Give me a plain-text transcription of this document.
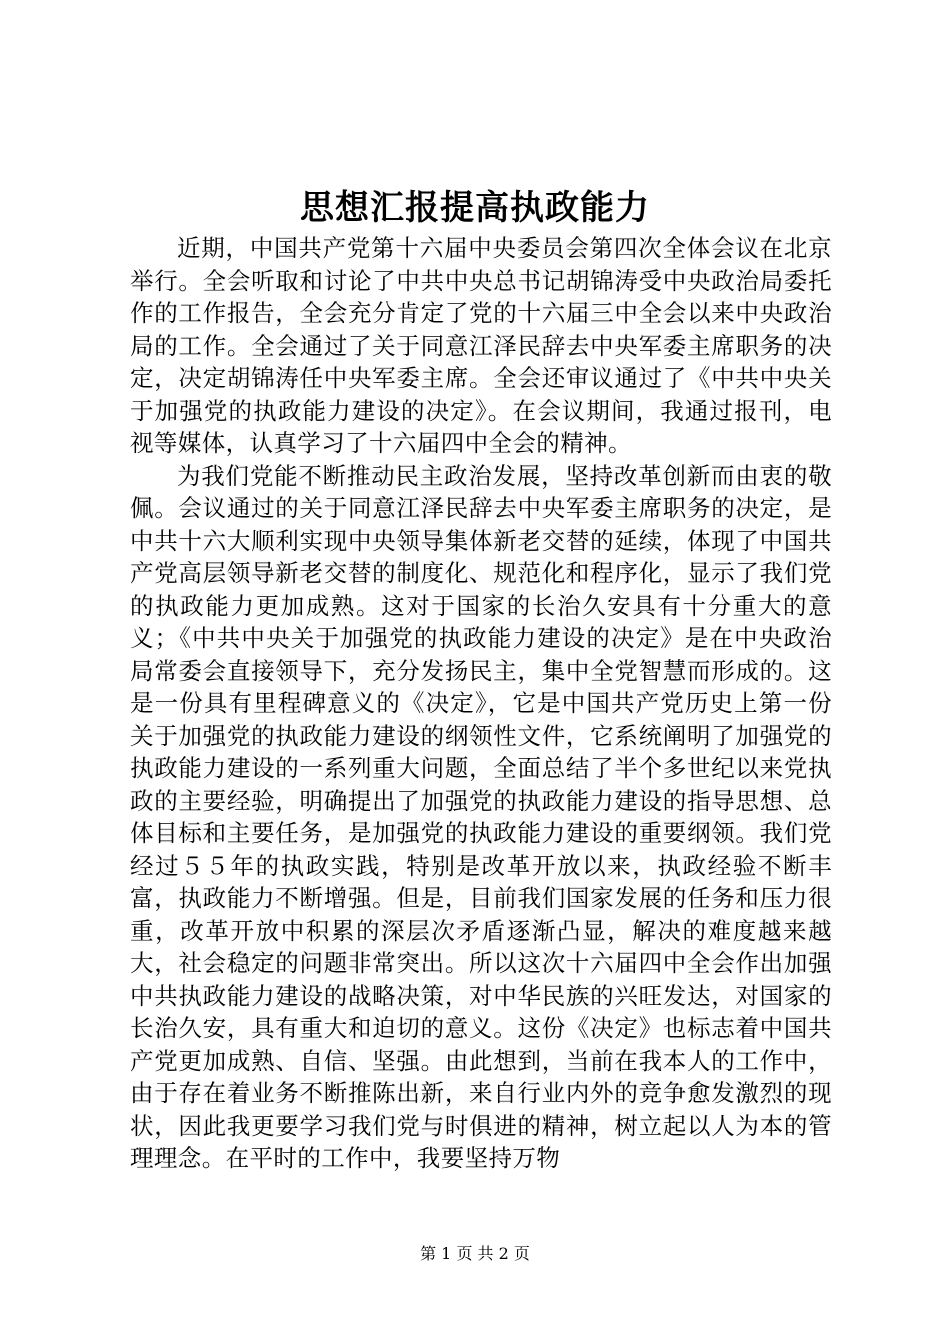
思想汇报提高执政能力

近期，中国共产党第十六届中央委员会第四次全体会议在北京举行。全会听取和讨论了中共中央总书记胡锦涛受中央政治局委托作的工作报告，全会充分肯定了党的十六届三中全会以来中央政治局的工作。全会通过了关于同意江泽民辞去中央军委主席职务的决定，决定胡锦涛任中央军委主席。全会还审议通过了《中共中央关于加强党的执政能力建设的决定》。在会议期间，我通过报刊，电视等媒体，认真学习了十六届四中全会的精神。

为我们党能不断推动民主政治发展，坚持改革创新而由衷的敬佩。会议通过的关于同意江泽民辞去中央军委主席职务的决定，是中共十六大顺利实现中央领导集体新老交替的延续，体现了中国共产党高层领导新老交替的制度化、规范化和程序化，显示了我们党的执政能力更加成熟。这对于国家的长治久安具有十分重大的意义；《中共中央关于加强党的执政能力建设的决定》是在中央政治局常委会直接领导下，充分发扬民主，集中全党智慧而形成的。这是一份具有里程碑意义的《决定》，它是中国共产党历史上第一份关于加强党的执政能力建设的纲领性文件，它系统阐明了加强党的执政能力建设的一系列重大问题，全面总结了半个多世纪以来党执政的主要经验，明确提出了加强党的执政能力建设的指导思想、总体目标和主要任务，是加强党的执政能力建设的重要纲领。我们党经过５５年的执政实践，特别是改革开放以来，执政经验不断丰富，执政能力不断增强。但是，目前我们国家发展的任务和压力很重，改革开放中积累的深层次矛盾逐渐凸显，解决的难度越来越大，社会稳定的问题非常突出。所以这次十六届四中全会作出加强中共执政能力建设的战略决策，对中华民族的兴旺发达，对国家的长治久安，具有重大和迫切的意义。这份《决定》也标志着中国共产党更加成熟、自信、坚强。由此想到，当前在我本人的工作中，由于存在着业务不断推陈出新，来自行业内外的竞争愈发激烈的现状，因此我更要学习我们党与时俱进的精神，树立起以人为本的管理理念。在平时的工作中，我要坚持万物

第 1 页 共 2 页
